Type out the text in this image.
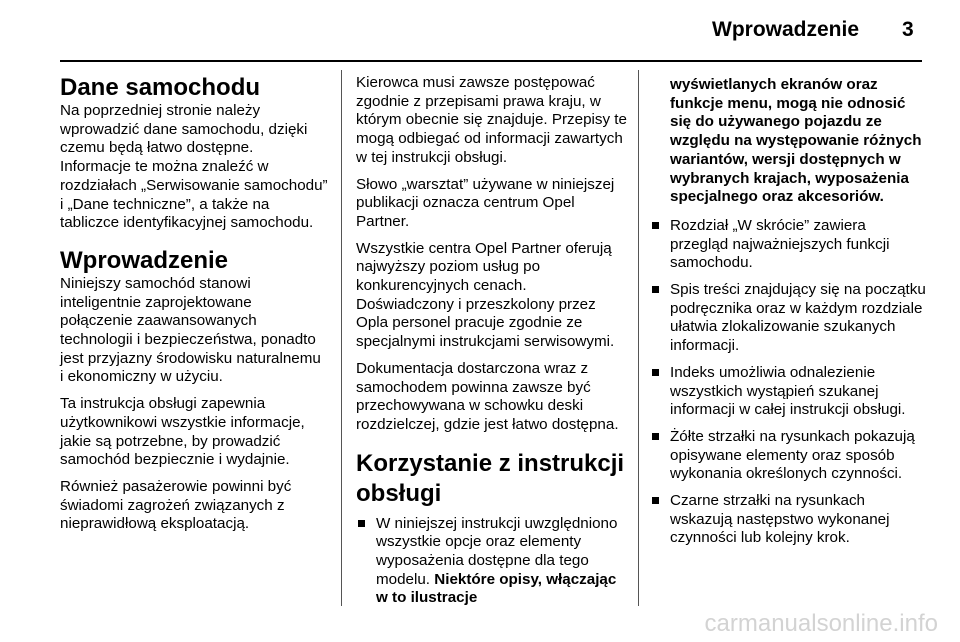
Wprowadzenie 3
Dane samochodu

Na poprzedniej stronie należy wprowadzić dane samochodu, dzięki czemu będą łatwo dostępne. Informacje te można znaleźć w rozdziałach „Serwisowanie samochodu” i „Dane techniczne”, a także na tabliczce identyfikacyjnej samochodu.

Wprowadzenie

Niniejszy samochód stanowi inteligentnie zaprojektowane połączenie zaawansowanych technologii i bezpieczeństwa, ponadto jest przyjazny środowisku naturalnemu i ekonomiczny w użyciu.

Ta instrukcja obsługi zapewnia użytkownikowi wszystkie informacje, jakie są potrzebne, by prowadzić samochód bezpiecznie i wydajnie.

Również pasażerowie powinni być świadomi zagrożeń związanych z nieprawidłową eksploatacją.

Kierowca musi zawsze postępować zgodnie z przepisami prawa kraju, w którym obecnie się znajduje. Przepisy te mogą odbiegać od informacji zawartych w tej instrukcji obsługi.

Słowo „warsztat” używane w niniejszej publikacji oznacza centrum Opel Partner.

Wszystkie centra Opel Partner oferują najwyższy poziom usług po konkurencyjnych cenach. Doświadczony i przeszkolony przez Opla personel pracuje zgodnie ze specjalnymi instrukcjami serwisowymi.

Dokumentacja dostarczona wraz z samochodem powinna zawsze być przechowywana w schowku deski rozdzielczej, gdzie jest łatwo dostępna.

Korzystanie z instrukcji obsługi
W niniejszej instrukcji uwzględniono wszystkie opcje oraz elementy wyposażenia dostępne dla tego modelu. Niektóre opisy, włączając w to ilustracje
wyświetlanych ekranów oraz funkcje menu, mogą nie odnosić się do używanego pojazdu ze względu na występowanie różnych wariantów, wersji dostępnych w wybranych krajach, wyposażenia specjalnego oraz akcesoriów.
Rozdział „W skrócie” zawiera przegląd najważniejszych funkcji samochodu.
Spis treści znajdujący się na początku podręcznika oraz w każdym rozdziale ułatwia zlokalizowanie szukanych informacji.
Indeks umożliwia odnalezienie wszystkich wystąpień szukanej informacji w całej instrukcji obsługi.
Żółte strzałki na rysunkach pokazują opisywane elementy oraz sposób wykonania określonych czynności.
Czarne strzałki na rysunkach wskazują następstwo wykonanej czynności lub kolejny krok.
carmanualsonline.info
